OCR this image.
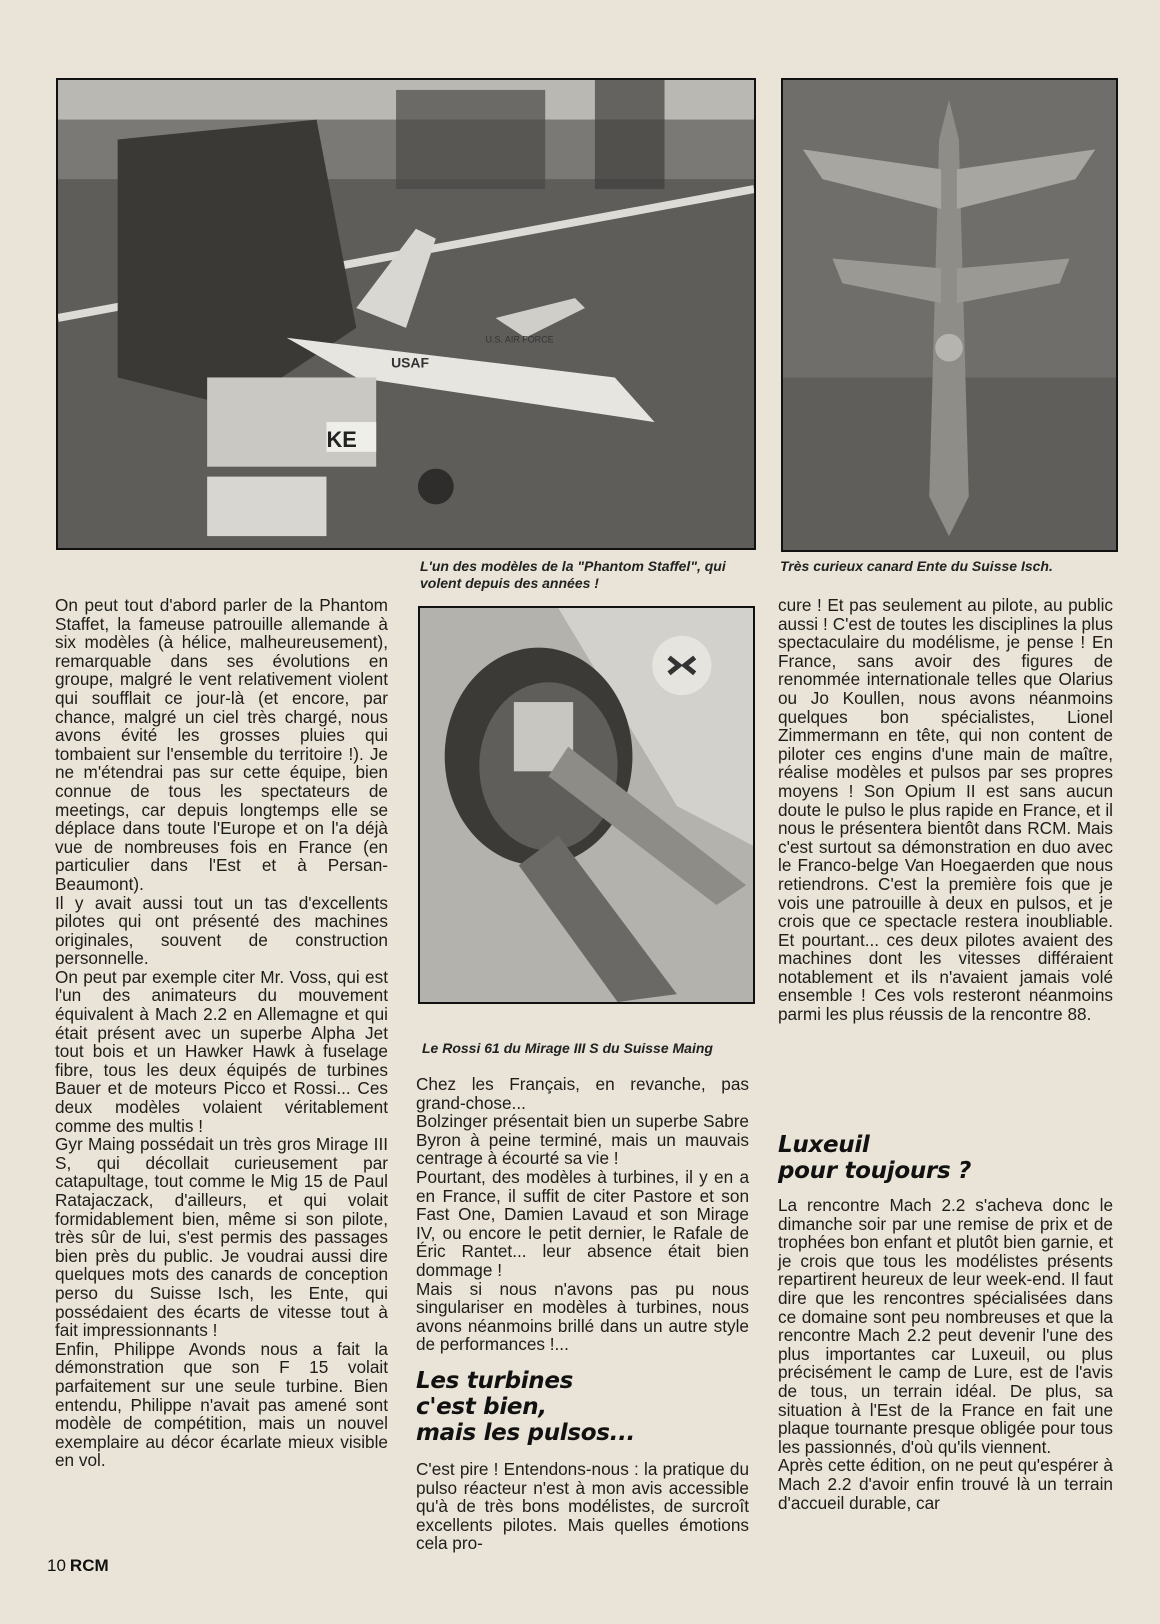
USAF
U.S. AIR FORCE
KE
L'un des modèles de la "Phantom Staffel", qui volent depuis des années !
Très curieux canard Ente du Suisse Isch.
Le Rossi 61 du Mirage III S du Suisse Maing

On peut tout d'abord parler de la Phantom Staffet, la fameuse patrouille allemande à six modèles (à hélice, malheureusement), remarquable dans ses évolutions en groupe, malgré le vent relativement violent qui soufflait ce jour-là (et encore, par chance, malgré un ciel très chargé, nous avons évité les grosses pluies qui tombaient sur l'ensemble du territoire !). Je ne m'étendrai pas sur cette équipe, bien connue de tous les spectateurs de meetings, car depuis longtemps elle se déplace dans toute l'Europe et on l'a déjà vue de nombreuses fois en France (en particulier dans l'Est et à Persan-Beaumont).

Il y avait aussi tout un tas d'excellents pilotes qui ont présenté des machines originales, souvent de construction personnelle.

On peut par exemple citer Mr. Voss, qui est l'un des animateurs du mouvement équivalent à Mach 2.2 en Allemagne et qui était présent avec un superbe Alpha Jet tout bois et un Hawker Hawk à fuselage fibre, tous les deux équipés de turbines Bauer et de moteurs Picco et Rossi... Ces deux modèles volaient véritablement comme des multis !

Gyr Maing possédait un très gros Mirage III S, qui décollait curieusement par catapultage, tout comme le Mig 15 de Paul Ratajaczack, d'ailleurs, et qui volait formidablement bien, même si son pilote, très sûr de lui, s'est permis des passages bien près du public. Je voudrai aussi dire quelques mots des canards de conception perso du Suisse Isch, les Ente, qui possédaient des écarts de vitesse tout à fait impressionnants !

Enfin, Philippe Avonds nous a fait la démonstration que son F 15 volait parfaitement sur une seule turbine. Bien entendu, Philippe n'avait pas amené sont modèle de compétition, mais un nouvel exemplaire au décor écarlate mieux visible en vol.

Chez les Français, en revanche, pas grand-chose...

Bolzinger présentait bien un superbe Sabre Byron à peine terminé, mais un mauvais centrage à écourté sa vie !

Pourtant, des modèles à turbines, il y en a en France, il suffit de citer Pastore et son Fast One, Damien Lavaud et son Mirage IV, ou encore le petit dernier, le Rafale de Éric Rantet... leur absence était bien dommage !

Mais si nous n'avons pas pu nous singulariser en modèles à turbines, nous avons néanmoins brillé dans un autre style de performances !...

Les turbines
c'est bien,
mais les pulsos...

C'est pire ! Entendons-nous : la pratique du pulso réacteur n'est à mon avis accessible qu'à de très bons modélistes, de surcroît excellents pilotes. Mais quelles émotions cela pro-

cure ! Et pas seulement au pilote, au public aussi ! C'est de toutes les disciplines la plus spectaculaire du modélisme, je pense ! En France, sans avoir des figures de renommée internationale telles que Olarius ou Jo Koullen, nous avons néanmoins quelques bon spécialistes, Lionel Zimmermann en tête, qui non content de piloter ces engins d'une main de maître, réalise modèles et pulsos par ses propres moyens ! Son Opium II est sans aucun doute le pulso le plus rapide en France, et il nous le présentera bientôt dans RCM. Mais c'est surtout sa démonstration en duo avec le Franco-belge Van Hoegaerden que nous retiendrons. C'est la première fois que je vois une patrouille à deux en pulsos, et je crois que ce spectacle restera inoubliable. Et pourtant... ces deux pilotes avaient des machines dont les vitesses différaient notablement et ils n'avaient jamais volé ensemble ! Ces vols resteront néanmoins parmi les plus réussis de la rencontre 88.

Luxeuil
pour toujours ?

La rencontre Mach 2.2 s'acheva donc le dimanche soir par une remise de prix et de trophées bon enfant et plutôt bien garnie, et je crois que tous les modélistes présents repartirent heureux de leur week-end. Il faut dire que les rencontres spécialisées dans ce domaine sont peu nombreuses et que la rencontre Mach 2.2 peut devenir l'une des plus importantes car Luxeuil, ou plus précisément le camp de Lure, est de l'avis de tous, un terrain idéal. De plus, sa situation à l'Est de la France en fait une plaque tournante presque obligée pour tous les passionnés, d'où qu'ils viennent.

Après cette édition, on ne peut qu'espérer à Mach 2.2 d'avoir enfin trouvé là un terrain d'accueil durable, car

10 RCM
